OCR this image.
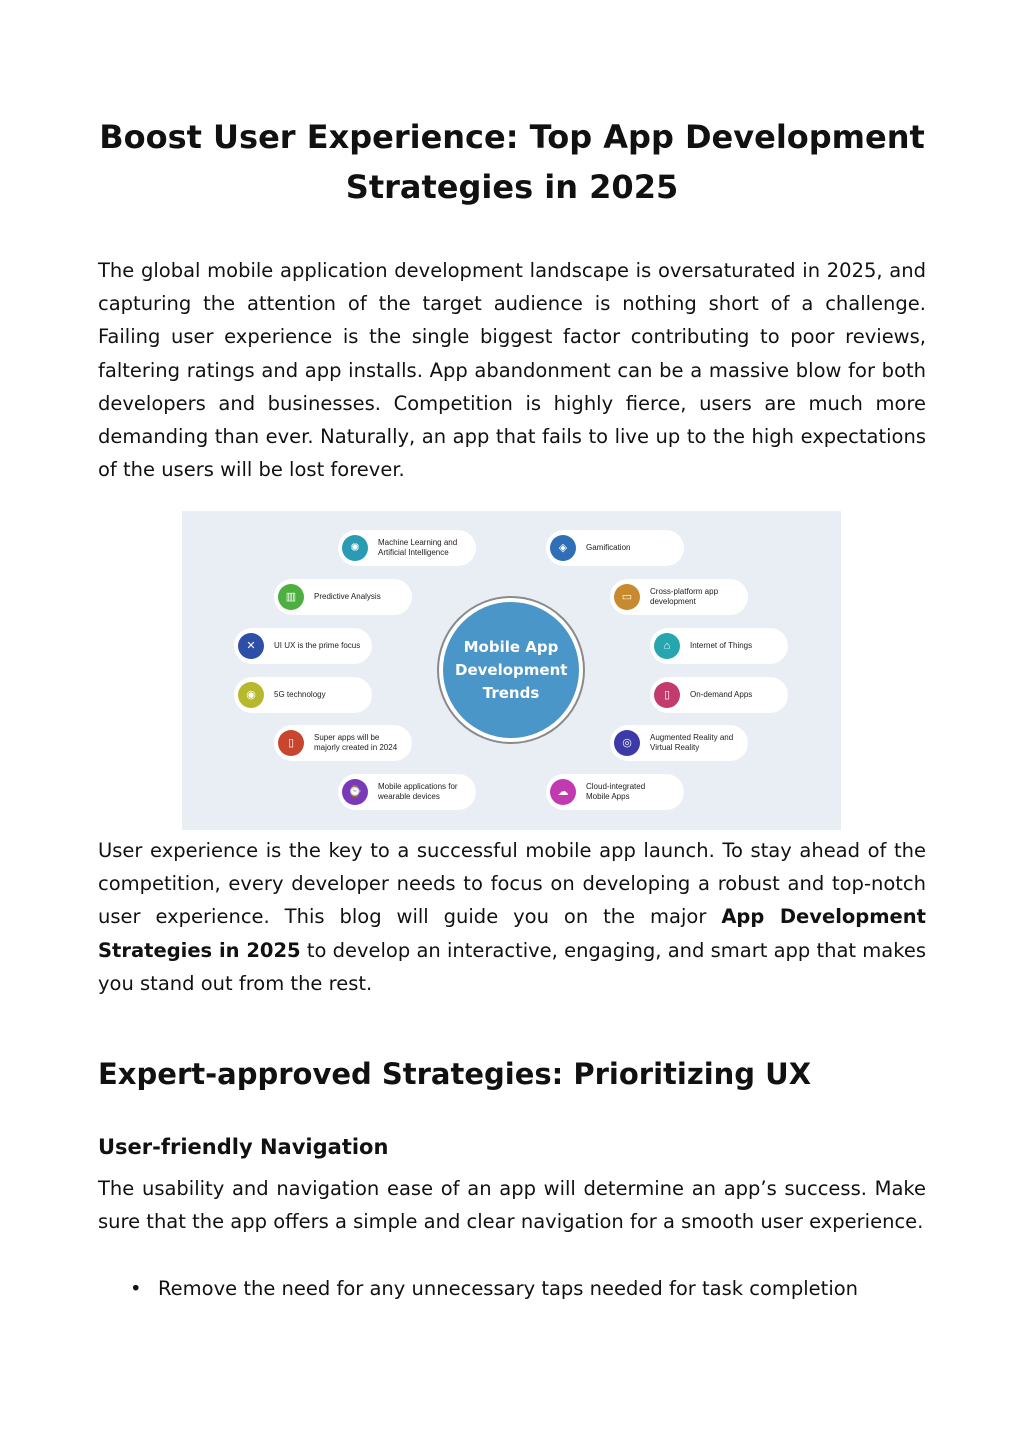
Boost User Experience: Top App Development Strategies in 2025

The global mobile application development landscape is oversaturated in 2025, and capturing the attention of the target audience is nothing short of a challenge. Failing user experience is the single biggest factor contributing to poor reviews, faltering ratings and app installs. App abandonment can be a massive blow for both developers and businesses. Competition is highly fierce, users are much more demanding than ever. Naturally, an app that fails to live up to the high expectations of the users will be lost forever.

Mobile App Development Trends
✺	Machine Learning and Artificial Intelligence	◈	Gamification
▥	Predictive Analysis	▭	Cross-platform app development
✕	UI UX is the prime focus	⌂	Internet of Things
◉	5G technology	▯	On-demand Apps
▯	Super apps will be majorly created in 2024	◎	Augmented Reality and Virtual Reality
⌚	Mobile applications for wearable devices	☁	Cloud-integrated Mobile Apps

User experience is the key to a successful mobile app launch. To stay ahead of the competition, every developer needs to focus on developing a robust and top-notch user experience. This blog will guide you on the major App Development Strategies in 2025 to develop an interactive, engaging, and smart app that makes you stand out from the rest.

Expert-approved Strategies: Prioritizing UX
User-friendly Navigation

The usability and navigation ease of an app will determine an app’s success. Make sure that the app offers a simple and clear navigation for a smooth user experience.

• Remove the need for any unnecessary taps needed for task completion
